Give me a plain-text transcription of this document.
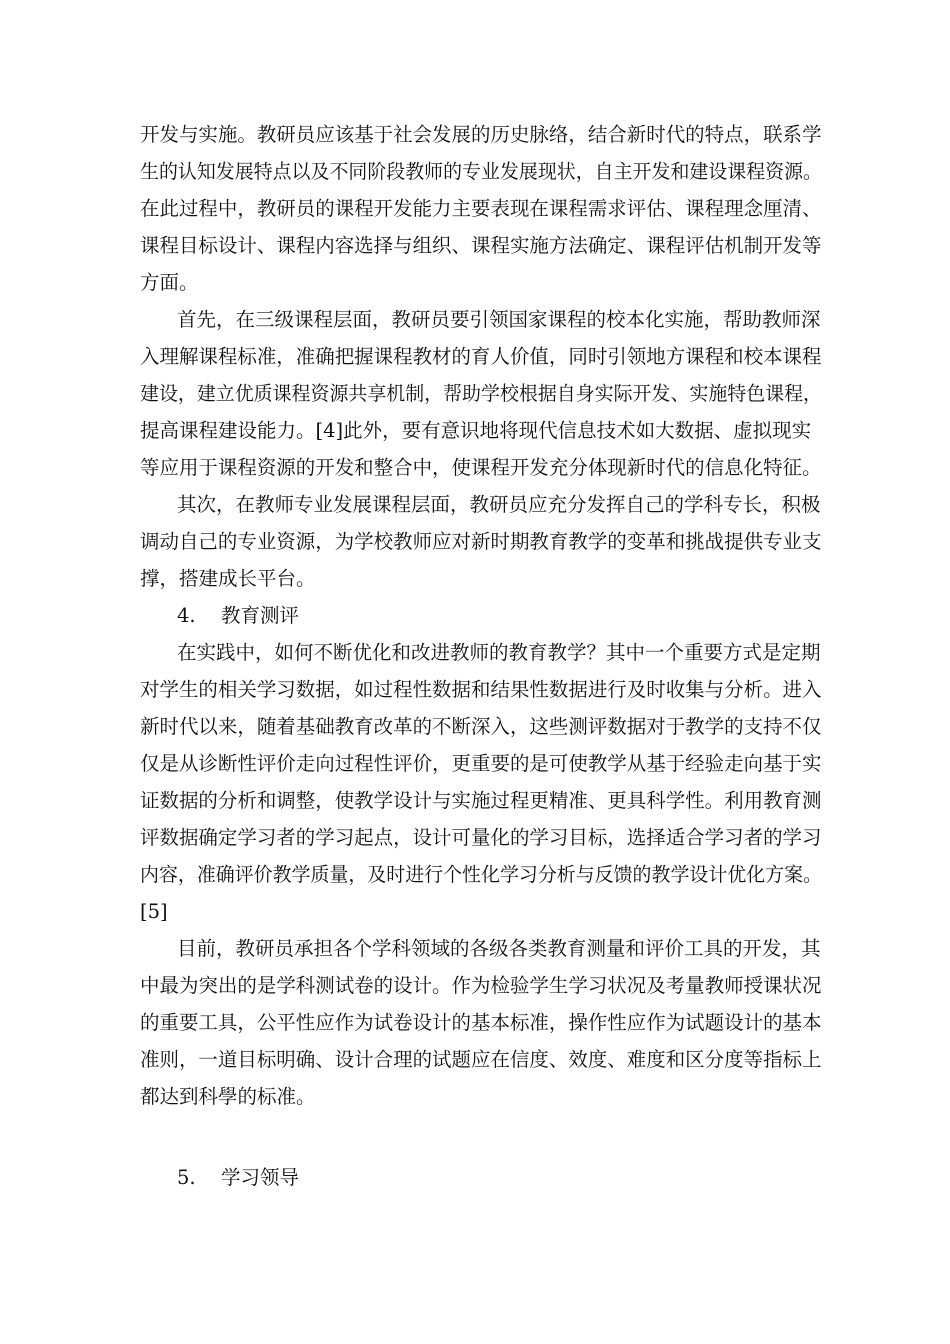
开发与实施。教研员应该基于社会发展的历史脉络，结合新时代的特点，联系学
生的认知发展特点以及不同阶段教师的专业发展现状，自主开发和建设课程资源。
在此过程中，教研员的课程开发能力主要表现在课程需求评估、课程理念厘清、
课程目标设计、课程内容选择与组织、课程实施方法确定、课程评估机制开发等
方面。
首先，在三级课程层面，教研员要引领国家课程的校本化实施，帮助教师深
入理解课程标准，准确把握课程教材的育人价值，同时引领地方课程和校本课程
建设，建立优质课程资源共享机制，帮助学校根据自身实际开发、实施特色课程，
提高课程建设能力。[4]此外，要有意识地将现代信息技术如大数据、虚拟现实
等应用于课程资源的开发和整合中，使课程开发充分体现新时代的信息化特征。
其次，在教师专业发展课程层面，教研员应充分发挥自己的学科专长，积极
调动自己的专业资源，为学校教师应对新时期教育教学的变革和挑战提供专业支
撑，搭建成长平台。
4. 教育测评
在实践中，如何不断优化和改进教师的教育教学？其中一个重要方式是定期
对学生的相关学习数据，如过程性数据和结果性数据进行及时收集与分析。进入
新时代以来，随着基础教育改革的不断深入，这些测评数据对于教学的支持不仅
仅是从诊断性评价走向过程性评价，更重要的是可使教学从基于经验走向基于实
证数据的分析和调整，使教学设计与实施过程更精准、更具科学性。利用教育测
评数据确定学习者的学习起点，设计可量化的学习目标，选择适合学习者的学习
内容，准确评价教学质量，及时进行个性化学习分析与反馈的教学设计优化方案。
[5]
目前，教研员承担各个学科领域的各级各类教育测量和评价工具的开发，其
中最为突出的是学科测试卷的设计。作为检验学生学习状况及考量教师授课状况
的重要工具，公平性应作为试卷设计的基本标准，操作性应作为试题设计的基本
准则，一道目标明确、设计合理的试题应在信度、效度、难度和区分度等指标上
都达到科學的标准。
5. 学习领导
